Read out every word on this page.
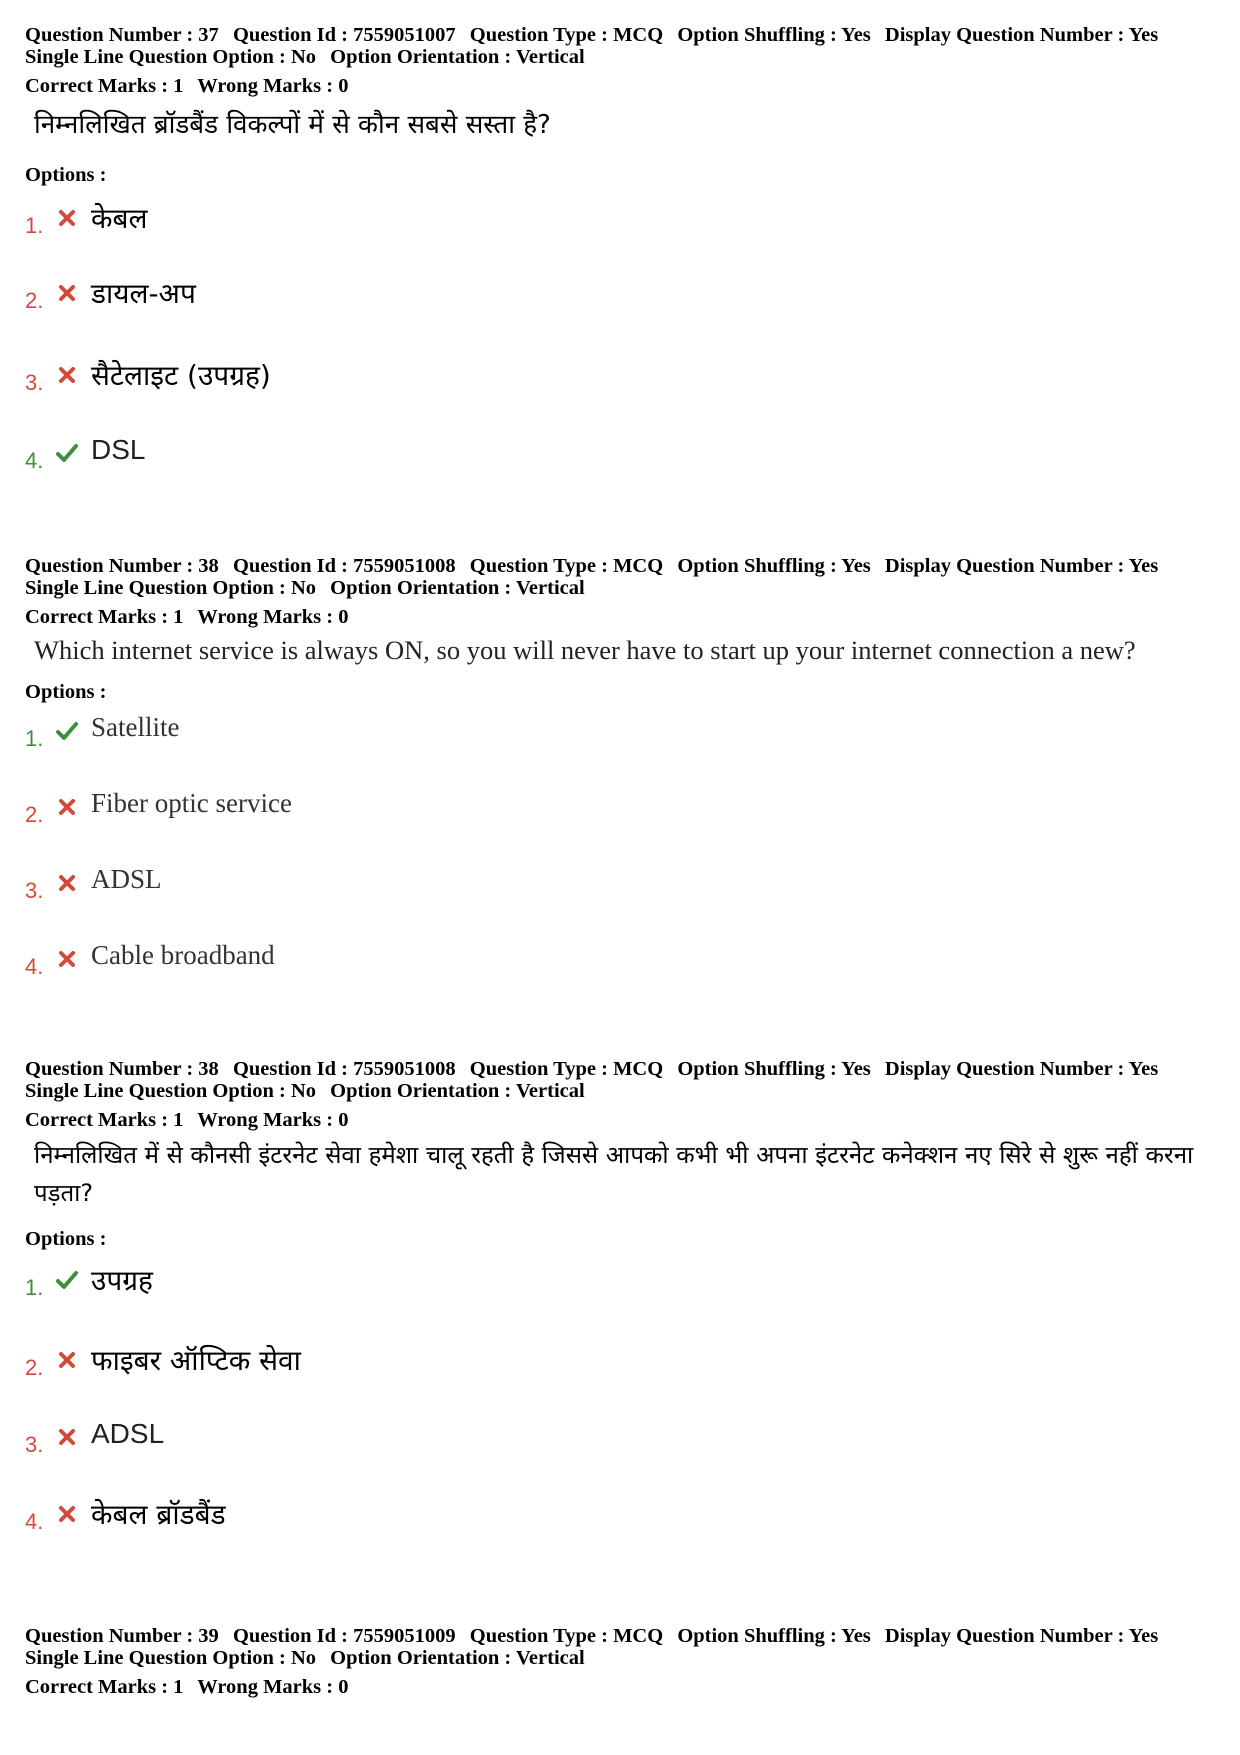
Question Number : 37 Question Id : 7559051007 Question Type : MCQ Option Shuffling : Yes Display Question Number : Yes
Single Line Question Option : No Option Orientation : Vertical
Correct Marks : 1 Wrong Marks : 0
निम्नलिखित ब्रॉडबैंड विकल्पों में से कौन सबसे सस्ता है?
Options :
1. केबल
2. डायल-अप
3. सैटेलाइट (उपग्रह)
4. DSL
Question Number : 38 Question Id : 7559051008 Question Type : MCQ Option Shuffling : Yes Display Question Number : Yes
Single Line Question Option : No Option Orientation : Vertical
Correct Marks : 1 Wrong Marks : 0
Which internet service is always ON, so you will never have to start up your internet connection a new?
Options :
1. Satellite
2. Fiber optic service
3. ADSL
4. Cable broadband
Question Number : 38 Question Id : 7559051008 Question Type : MCQ Option Shuffling : Yes Display Question Number : Yes
Single Line Question Option : No Option Orientation : Vertical
Correct Marks : 1 Wrong Marks : 0
निम्नलिखित में से कौनसी इंटरनेट सेवा हमेशा चालू रहती है जिससे आपको कभी भी अपना इंटरनेट कनेक्शन नए सिरे से शुरू नहीं करना पड़ता?
Options :
1. उपग्रह
2. फाइबर ऑप्टिक सेवा
3. ADSL
4. केबल ब्रॉडबैंड
Question Number : 39 Question Id : 7559051009 Question Type : MCQ Option Shuffling : Yes Display Question Number : Yes
Single Line Question Option : No Option Orientation : Vertical
Correct Marks : 1 Wrong Marks : 0
